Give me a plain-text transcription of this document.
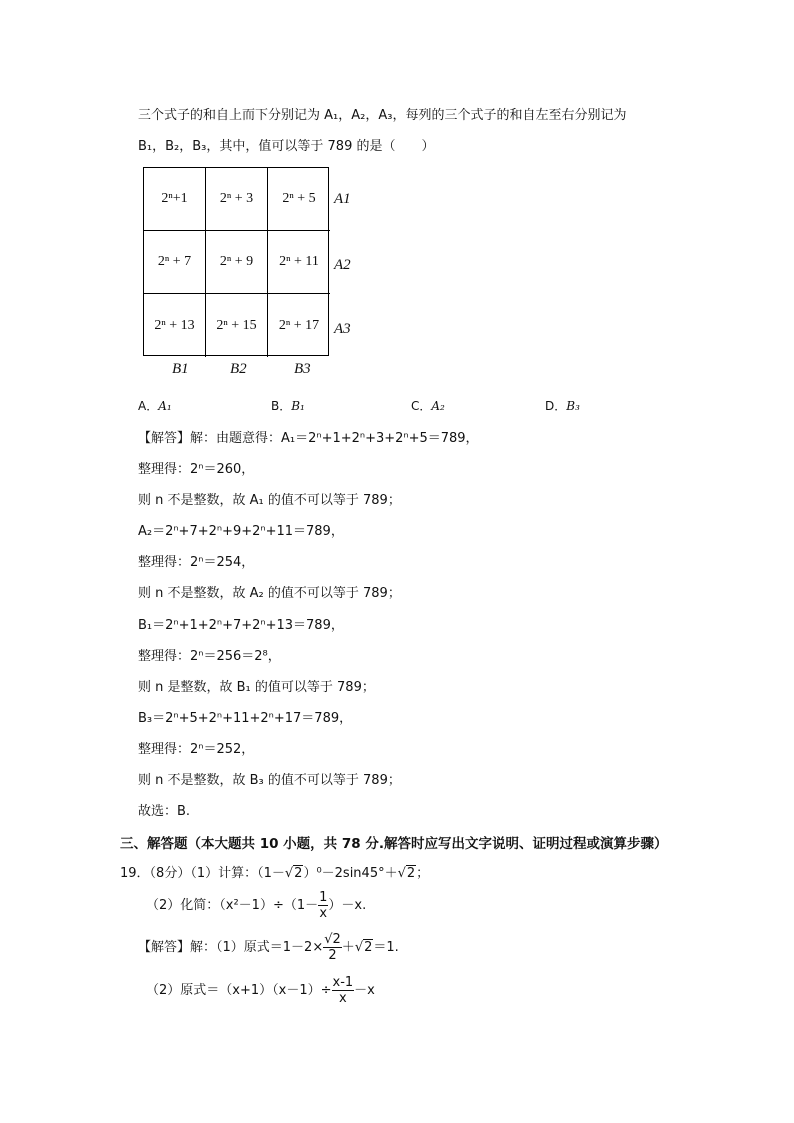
三个式子的和自上而下分别记为 A₁，A₂，A₃，每列的三个式子的和自左至右分别记为
B₁，B₂，B₃，其中，值可以等于 789 的是（　　）
2ⁿ+1	2ⁿ + 3	2ⁿ + 5
2ⁿ + 7	2ⁿ + 9	2ⁿ + 11
2ⁿ + 13	2ⁿ + 15	2ⁿ + 17
A1
A2
A3
B1	B2	B3
A．A₁	B．B₁	C．A₂	D．B₃
【解答】解：由题意得：A₁＝2ⁿ+1+2ⁿ+3+2ⁿ+5＝789，
整理得：2ⁿ＝260，
则 n 不是整数，故 A₁ 的值不可以等于 789；
A₂＝2ⁿ+7+2ⁿ+9+2ⁿ+11＝789，
整理得：2ⁿ＝254，
则 n 不是整数，故 A₂ 的值不可以等于 789；
B₁＝2ⁿ+1+2ⁿ+7+2ⁿ+13＝789，
整理得：2ⁿ＝256＝2⁸，
则 n 是整数，故 B₁ 的值可以等于 789；
B₃＝2ⁿ+5+2ⁿ+11+2ⁿ+17＝789，
整理得：2ⁿ＝252，
则 n 不是整数，故 B₃ 的值不可以等于 789；
故选：B.
三、解答题（本大题共 10 小题，共 78 分.解答时应写出文字说明、证明过程或演算步骤）
19．（8分）（1）计算：（1－√2）⁰－2sin45°＋√2；
（2）化简：$(x^2-1)\div(1- \frac{1}{x} )-x$.
【解答】解：（1）原式$=1-2\times \frac{√2}{2} +√2=1$.
（2）原式$=(x+1)(x-1)\div \frac{x-1}{x} -x$
